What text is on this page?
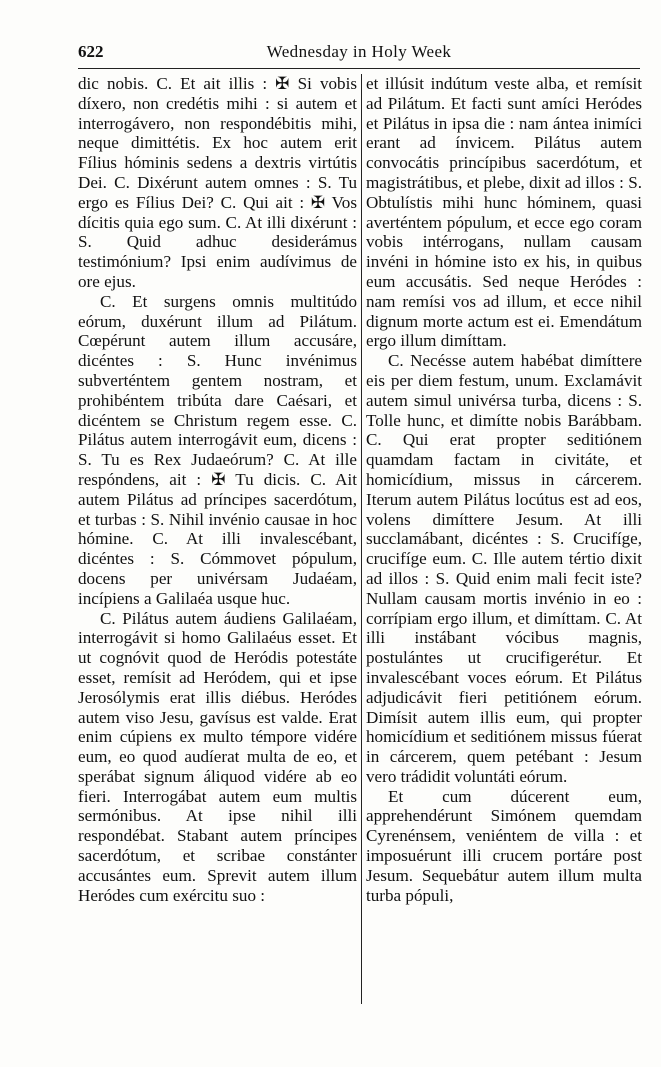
622	Wednesday in Holy Week

dic nobis. C. Et ait illis : ✠ Si vobis díxero, non credétis mihi : si autem et interrogávero, non respondébitis mihi, neque dimittétis. Ex hoc autem erit Fílius hóminis sedens a dextris virtútis Dei. C. Dixérunt autem omnes : S. Tu ergo es Fílius Dei? C. Qui ait : ✠ Vos dícitis quia ego sum. C. At illi dixérunt : S. Quid adhuc desiderámus testimónium? Ipsi enim audívimus de ore ejus.

C. Et surgens omnis multitúdo eórum, duxérunt illum ad Pilátum. Cœpérunt autem illum accusáre, dicéntes : S. Hunc invénimus subverténtem gentem nostram, et prohibéntem tribúta dare Caésari, et dicéntem se Christum regem esse. C. Pilátus autem interrogávit eum, dicens : S. Tu es Rex Judaeórum? C. At ille respóndens, ait : ✠ Tu dicis. C. Ait autem Pilátus ad príncipes sacerdótum, et turbas : S. Nihil invénio causae in hoc hómine. C. At illi invalescébant, dicéntes : S. Cómmovet pópulum, docens per univérsam Judaéam, incípiens a Galilaéa usque huc.

C. Pilátus autem áudiens Galilaéam, interrogávit si homo Galilaéus esset. Et ut cognóvit quod de Heródis potestáte esset, remísit ad Heródem, qui et ipse Jerosólymis erat illis diébus. Heródes autem viso Jesu, gavísus est valde. Erat enim cúpiens ex multo témpore vidére eum, eo quod audíerat multa de eo, et sperábat signum áliquod vidére ab eo fieri. Interrogábat autem eum multis sermónibus. At ipse nihil illi respondébat. Stabant autem príncipes sacerdótum, et scribae constánter accusántes eum. Sprevit autem illum Heródes cum exércitu suo :

et illúsit indútum veste alba, et remísit ad Pilátum. Et facti sunt amíci Heródes et Pilátus in ipsa die : nam ántea inimíci erant ad ínvicem. Pilátus autem convocátis princípibus sacerdótum, et magistrátibus, et plebe, dixit ad illos : S. Obtulístis mihi hunc hóminem, quasi averténtem pópulum, et ecce ego coram vobis intérrogans, nullam causam invéni in hómine isto ex his, in quibus eum accusátis. Sed neque Heródes : nam remísi vos ad illum, et ecce nihil dignum morte actum est ei. Emendátum ergo illum dimíttam.

C. Necésse autem habébat dimíttere eis per diem festum, unum. Exclamávit autem simul univérsa turba, dicens : S. Tolle hunc, et dimítte nobis Barábbam. C. Qui erat propter seditiónem quamdam factam in civitáte, et homicídium, missus in cárcerem. Iterum autem Pilátus locútus est ad eos, volens dimíttere Jesum. At illi succlamábant, dicéntes : S. Crucifíge, crucifíge eum. C. Ille autem tértio dixit ad illos : S. Quid enim mali fecit iste? Nullam causam mortis invénio in eo : corrípiam ergo illum, et dimíttam. C. At illi instábant vócibus magnis, postulántes ut crucifigerétur. Et invalescébant voces eórum. Et Pilátus adjudicávit fieri petitiónem eórum. Dimísit autem illis eum, qui propter homicídium et seditiónem missus fúerat in cárcerem, quem petébant : Jesum vero trádidit voluntáti eórum.

Et cum dúcerent eum, apprehendérunt Simónem quemdam Cyrenénsem, veniéntem de villa : et imposuérunt illi crucem portáre post Jesum. Sequebátur autem illum multa turba pópuli,
